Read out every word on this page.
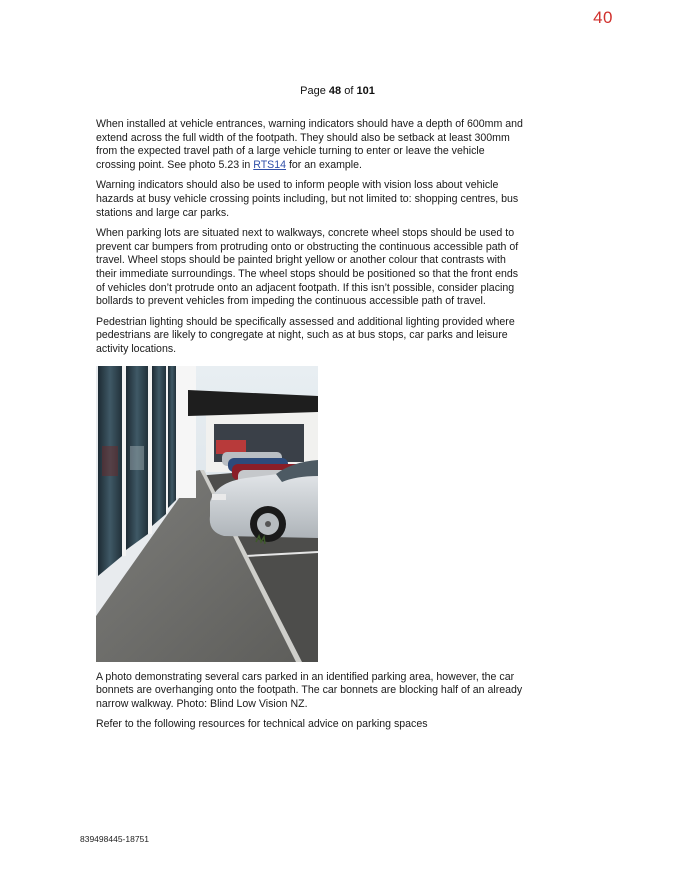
40
Page 48 of 101

When installed at vehicle entrances, warning indicators should have a depth of 600mm and extend across the full width of the footpath. They should also be setback at least 300mm from the expected travel path of a large vehicle turning to enter or leave the vehicle crossing point. See photo 5.23 in RTS14 for an example.

Warning indicators should also be used to inform people with vision loss about vehicle hazards at busy vehicle crossing points including, but not limited to: shopping centres, bus stations and large car parks.

When parking lots are situated next to walkways, concrete wheel stops should be used to prevent car bumpers from protruding onto or obstructing the continuous accessible path of travel. Wheel stops should be painted bright yellow or another colour that contrasts with their immediate surroundings. The wheel stops should be positioned so that the front ends of vehicles don’t protrude onto an adjacent footpath. If this isn’t possible, consider placing bollards to prevent vehicles from impeding the continuous accessible path of travel.

Pedestrian lighting should be specifically assessed and additional lighting provided where pedestrians are likely to congregate at night, such as at bus stops, car parks and leisure activity locations.

A photo demonstrating several cars parked in an identified parking area, however, the car bonnets are overhanging onto the footpath. The car bonnets are blocking half of an already narrow walkway. Photo: Blind Low Vision NZ.

Refer to the following resources for technical advice on parking spaces

839498445-18751
